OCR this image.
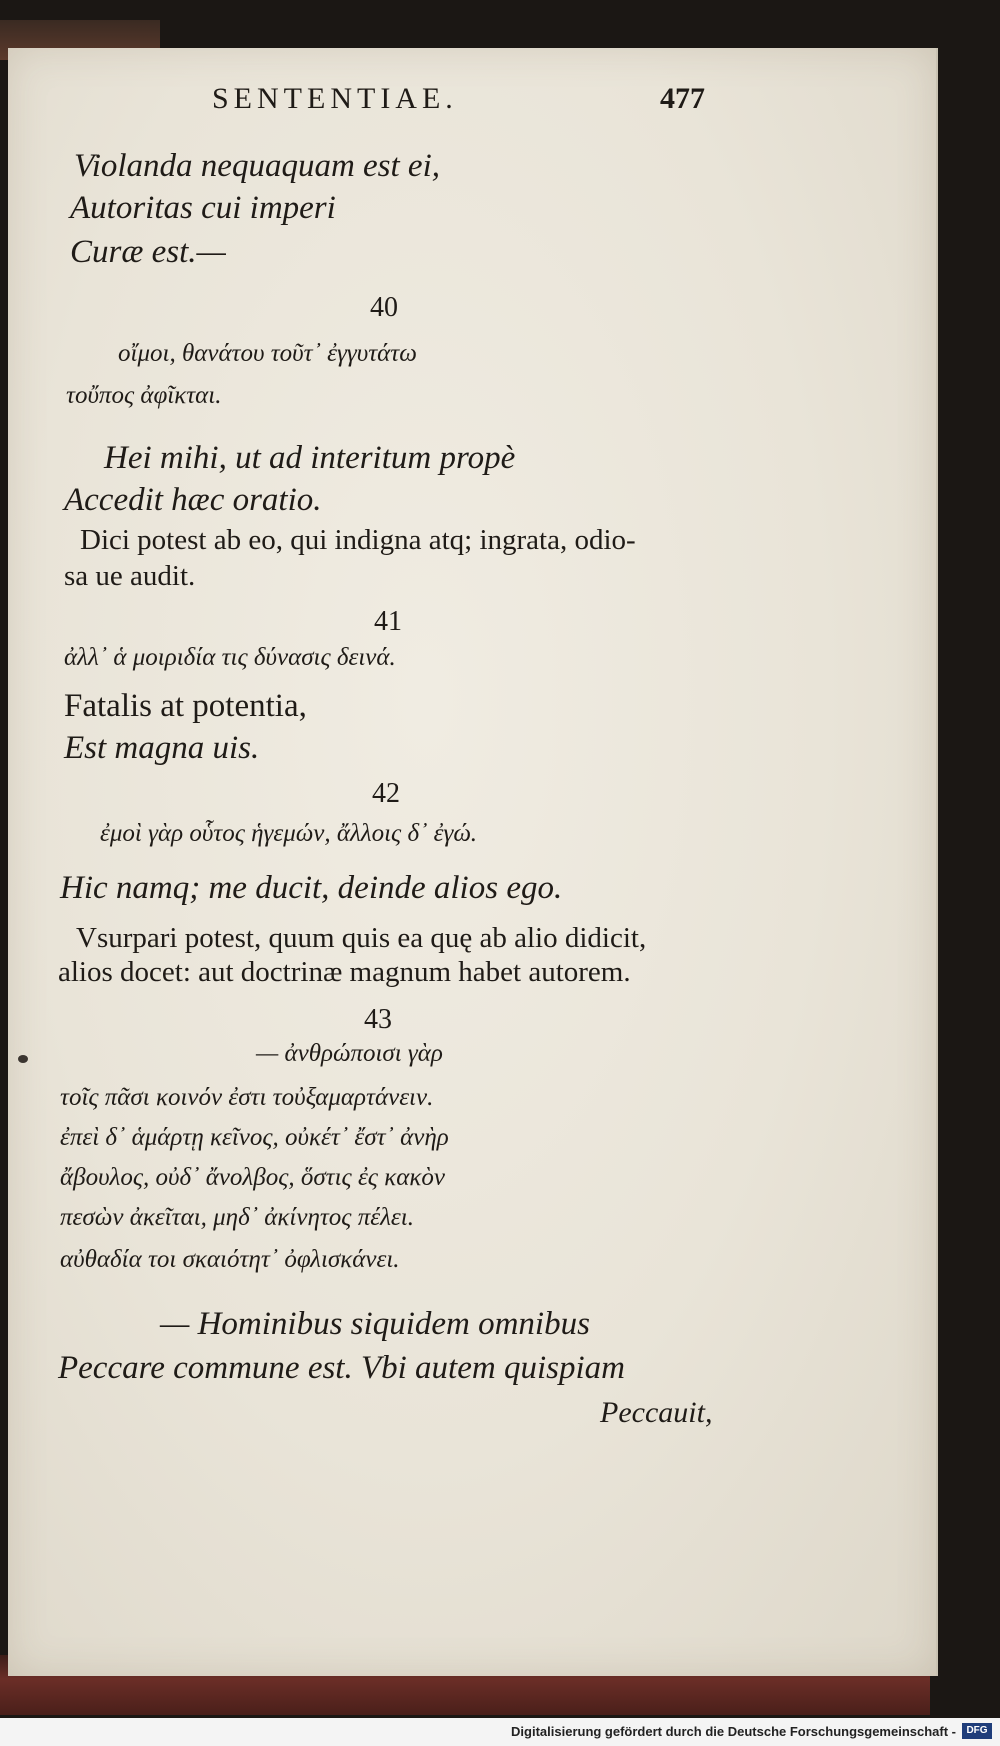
SENTENTIAE.	477
Violanda nequaquam est ei,
Autoritas cui imperi
Curæ est.—
40
οἴμοι, θανάτου τοῦτ᾽ ἐγγυτάτω
τοὔπος ἀφῖκται.
Hei mihi, ut ad interitum propè
Accedit hæc oratio.
Dici potest ab eo, qui indigna atq; ingrata, odio-
sa ue audit.
41
ἀλλ᾽ ἁ μοιριδία τις δύνασις δεινά.
Fatalis at potentia,
Est magna uis.
42
ἐμοὶ γὰρ οὗτος ἡγεμών, ἄλλοις δ᾽ ἐγώ.
Hic namq; me ducit, deinde alios ego.
Vsurpari potest, quum quis ea quę ab alio didicit,
alios docet: aut doctrinæ magnum habet autorem.
43
— ἀνθρώποισι γὰρ
τοῖς πᾶσι κοινόν ἐστι τοὐξαμαρτάνειν.
ἐπεὶ δ᾽ ἁμάρτῃ κεῖνος, οὐκέτ᾽ ἔστ᾽ ἀνὴρ
ἄβουλος, οὐδ᾽ ἄνολβος, ὅστις ἐς κακὸν
πεσὼν ἀκεῖται, μηδ᾽ ἀκίνητος πέλει.
αὐθαδία τοι σκαιότητ᾽ ὀφλισκάνει.
— Hominibus siquidem omnibus
Peccare commune est. Vbi autem quispiam
Peccauit,
Digitalisierung gefördert durch die Deutsche Forschungsgemeinschaft -	DFG
